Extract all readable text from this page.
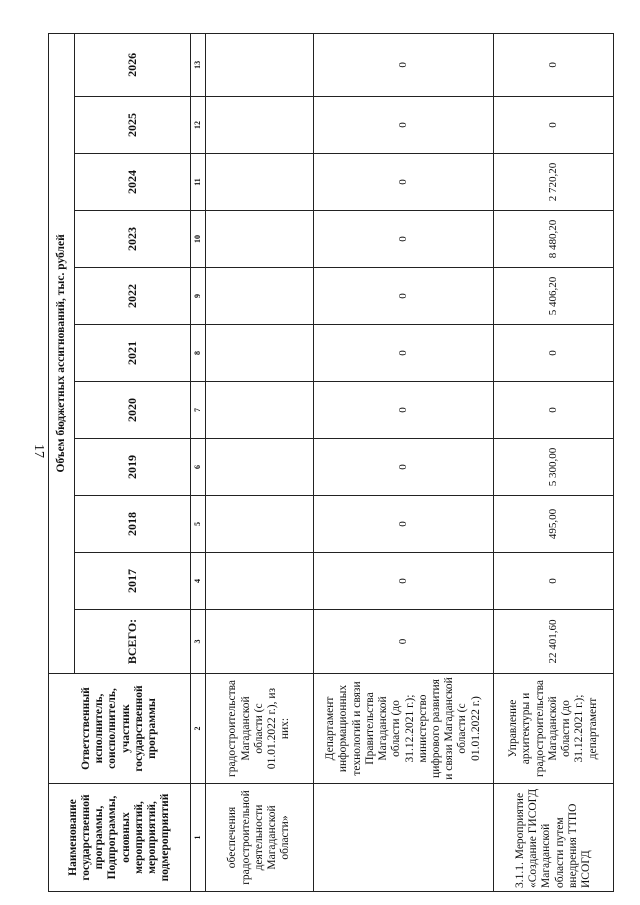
17
Наименование государственной программы, Подпрограммы, основных мероприятий, мероприятий, подмероприятий	Ответственный исполнитель, соисполнитель, участник государственной программы	Объем бюджетных ассигнований, тыс. рублей										
		ВСЕГО:	2017	2018	2019	2020	2021	2022	2023	2024	2025	2026
1	2	3	4	5	6	7	8	9	10	11	12	13
обеспечения градостроительной деятельности Магаданской области»	градостроительства Магаданской области (с 01.01.2022 г.), из них:											
	Департамент информационных технологий и связи Правительства Магаданской области (до 31.12.2021 г.); министерство цифрового развития и связи Магаданской области (с 01.01.2022 г.)	0	0	0	0	0	0	0	0	0	0	0
3.1.1. Мероприятие «Создание ГИСОГД Магаданской области путем внедрения ТТПО ИСОГД	Управление архитектуры и градостроительства Магаданской области (до 31.12.2021 г.); департамент	22 401,60	0	495,00	5 300,00	0	0	5 406,20	8 480,20	2 720,20	0	0
